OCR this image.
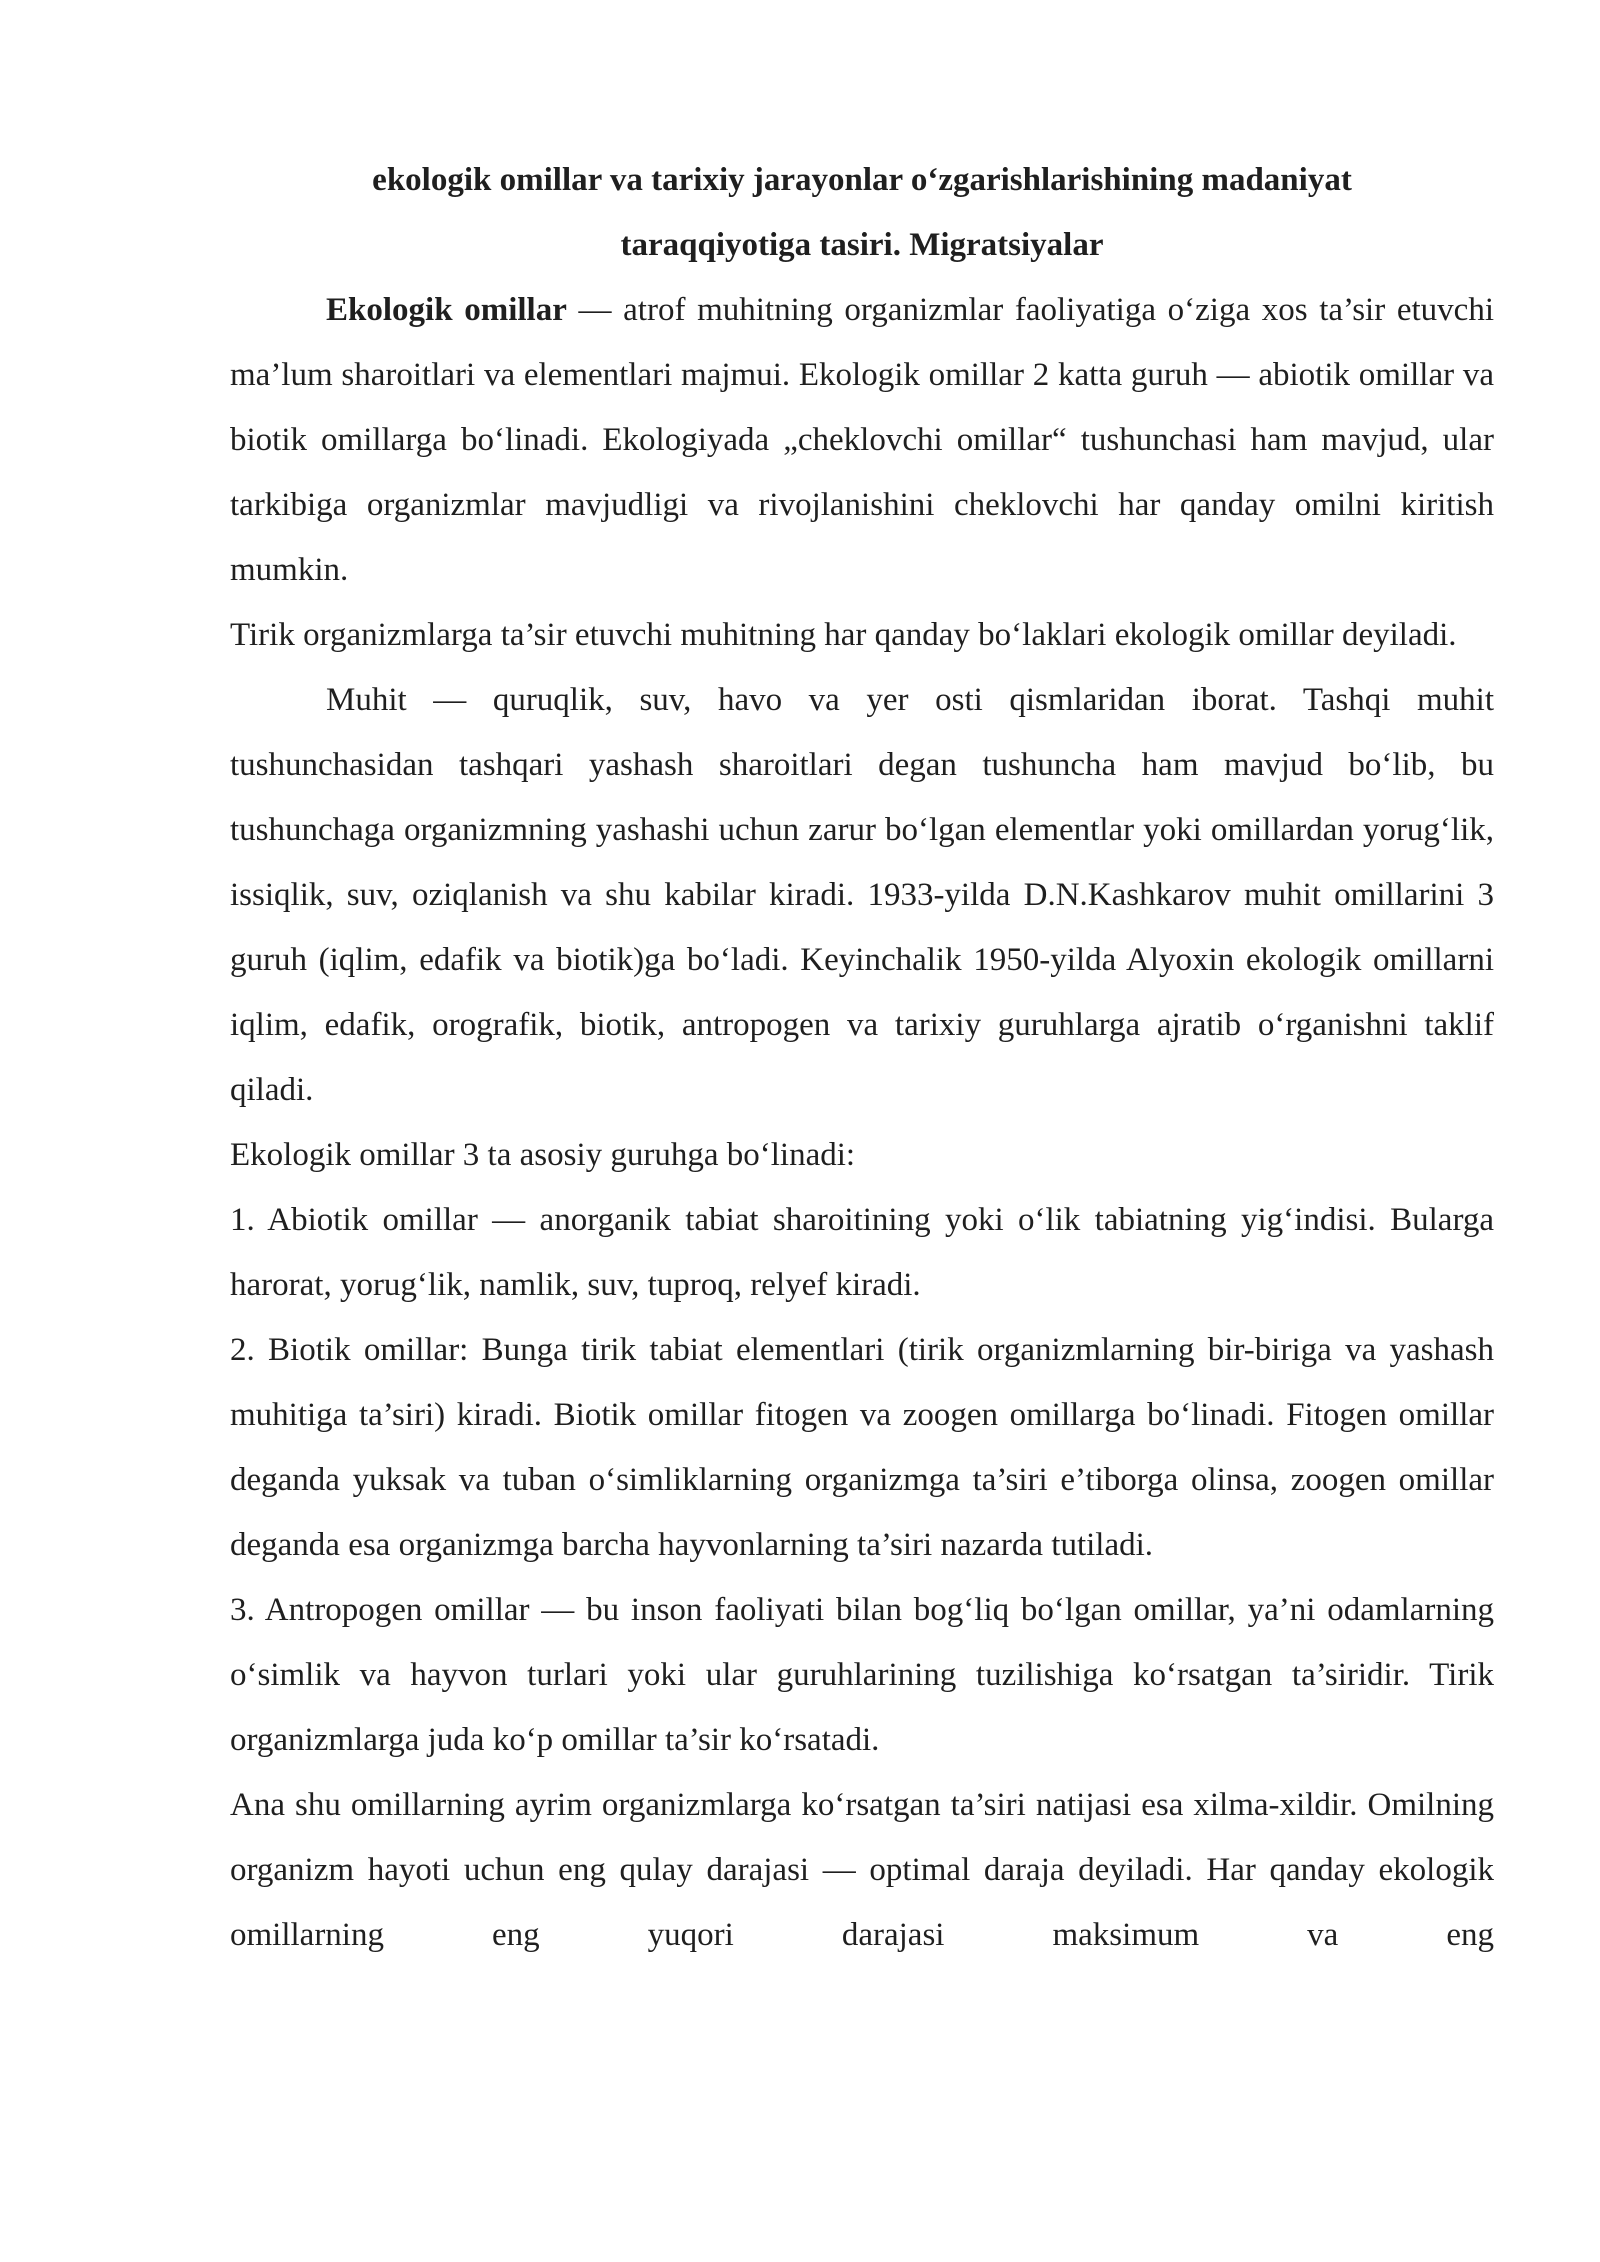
ekologik omillar va tarixiy jarayonlar o‘zgarishlarishining madaniyat taraqqiyotiga tasiri. Migratsiyalar

Ekologik omillar — atrof muhitning organizmlar faoliyatiga o‘ziga xos ta’sir etuvchi ma’lum sharoitlari va elementlari majmui. Ekologik omillar 2 katta guruh — abiotik omillar va biotik omillarga bo‘linadi. Ekologiyada „cheklovchi omillar“ tushunchasi ham mavjud, ular tarkibiga organizmlar mavjudligi va rivojlanishini cheklovchi har qanday omilni kiritish mumkin.

Tirik organizmlarga ta’sir etuvchi muhitning har qanday bo‘laklari ekologik omillar deyiladi.

Muhit — quruqlik, suv, havo va yer osti qismlaridan iborat. Tashqi muhit tushunchasidan tashqari yashash sharoitlari degan tushuncha ham mavjud bo‘lib, bu tushunchaga organizmning yashashi uchun zarur bo‘lgan elementlar yoki omillardan yorug‘lik, issiqlik, suv, oziqlanish va shu kabilar kiradi. 1933-yilda D.N.Kashkarov muhit omillarini 3 guruh (iqlim, edafik va biotik)ga bo‘ladi. Keyinchalik 1950-yilda Alyoxin ekologik omillarni iqlim, edafik, orografik, biotik, antropogen va tarixiy guruhlarga ajratib o‘rganishni taklif qiladi.

Ekologik omillar 3 ta asosiy guruhga bo‘linadi:

1. Abiotik omillar — anorganik tabiat sharoitining yoki o‘lik tabiatning yig‘indisi. Bularga harorat, yorug‘lik, namlik, suv, tuproq, relyef kiradi.

2. Biotik omillar: Bunga tirik tabiat elementlari (tirik organizmlarning bir-biriga va yashash muhitiga ta’siri) kiradi. Biotik omillar fitogen va zoogen omillarga bo‘linadi. Fitogen omillar deganda yuksak va tuban o‘simliklarning organizmga ta’siri e’tiborga olinsa, zoogen omillar deganda esa organizmga barcha hayvonlarning ta’siri nazarda tutiladi.

3. Antropogen omillar — bu inson faoliyati bilan bog‘liq bo‘lgan omillar, ya’ni odamlarning o‘simlik va hayvon turlari yoki ular guruhlarining tuzilishiga ko‘rsatgan ta’siridir. Tirik organizmlarga juda ko‘p omillar ta’sir ko‘rsatadi.

Ana shu omillarning ayrim organizmlarga ko‘rsatgan ta’siri natijasi esa xilma-xildir. Omilning organizm hayoti uchun eng qulay darajasi — optimal daraja deyiladi. Har qanday ekologik omillarning eng yuqori darajasi maksimum va eng
